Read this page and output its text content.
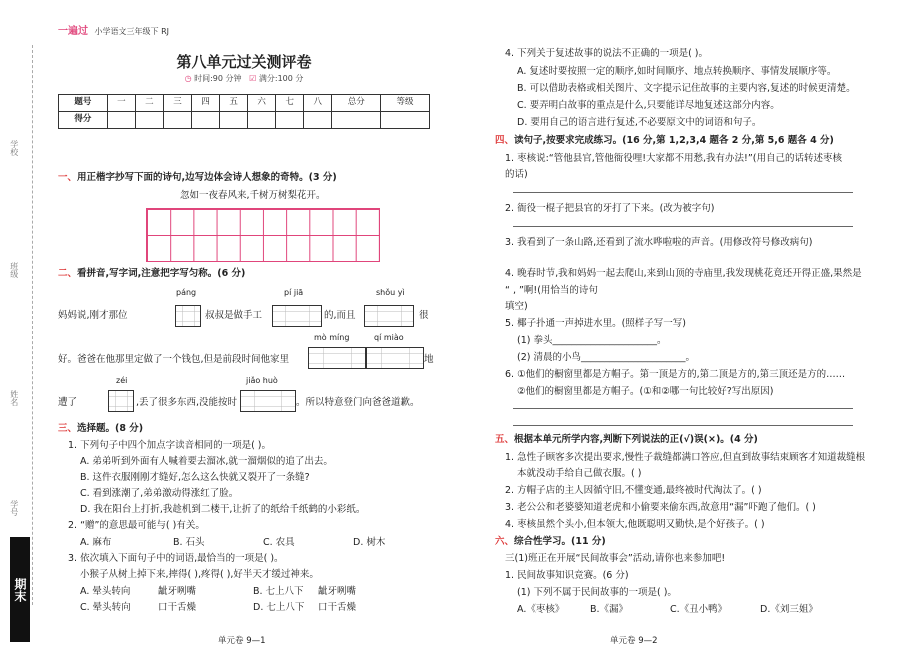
学校
班级
姓名
学号
期末
一遍过 小学语文三年级下 RJ
第八单元过关测评卷
◷ 时间:90 分钟 ☑ 满分:100 分
题号	一	二	三	四	五	六	七	八	总分	等级
得分										
一、用正楷字抄写下面的诗句,边写边体会诗人想象的奇特。(3 分)
忽如一夜春风来,千树万树梨花开。
二、看拼音,写字词,注意把字写匀称。(6 分)
páng	pí jiā	shǒu yì
妈妈说,刚才那位	叔叔是做手工	的,而且	很
mò míng	qí miào
好。爸爸在他那里定做了一个钱包,但是前段时间他家里	地
zéi	jiǎo huò
遭了	,丢了很多东西,没能按时	。所以特意登门向爸爸道歉。
三、选择题。(8 分)
1. 下列句子中四个加点字读音相同的一项是( )。
A. 弟弟听到外面有人喊着要去溜冰,就一溜烟似的追了出去。
B. 这件衣服刚刚才缝好,怎么这么快就又裂开了一条缝?
C. 看到涨潮了,弟弟激动得涨红了脸。
D. 我在阳台上打折,我趁机到二楼干,让折了的纸给千纸鹤的小彩纸。
2. “赠”的意思最可能与( )有关。
A. 麻布	B. 石头	C. 农具	D. 树木
3. 依次填入下面句子中的词语,最恰当的一项是( )。
小猴子从树上掉下来,摔得( ),疼得( ),好半天才缓过神来。
A. 晕头转向	龇牙咧嘴	B. 七上八下 龇牙咧嘴
C. 晕头转向	口干舌燥	D. 七上八下 口干舌燥
单元卷 9—1
4. 下列关于复述故事的说法不正确的一项是( )。
A. 复述时要按照一定的顺序,如时间顺序、地点转换顺序、事情发展顺序等。
B. 可以借助表格或相关图片、文字提示记住故事的主要内容,复述的时候更清楚。
C. 要弄明白故事的重点是什么,只要能详尽地复述这部分内容。
D. 要用自己的语言进行复述,不必要原文中的词语和句子。
四、读句子,按要求完成练习。(16 分,第 1,2,3,4 题各 2 分,第 5,6 题各 4 分)
1. 枣核说:“管他县官,管他衙役哩!大家都不用愁,我有办法!”(用自己的话转述枣核
的话)
2. 衙役一棍子把县官的牙打了下来。(改为被字句)
3. 我看到了一条山路,还看到了流水哗啦啦的声音。(用修改符号修改病句)
4. 晚春时节,我和妈妈一起去爬山,来到山顶的寺庙里,我发现桃花竟还开得正盛,果然是
“ , ”啊!(用恰当的诗句
填空)
5. 椰子扑通一声掉进水里。(照样子写一写)
(1) 拳头______________________。
(2) 清晨的小鸟______________________。
6. ①他们的橱窗里都是方帽子。第一顶是方的,第二顶是方的,第三顶还是方的……
②他们的橱窗里都是方帽子。(①和②哪一句比较好?写出原因)
五、根据本单元所学内容,判断下列说法的正(√)误(×)。(4 分)
1. 急性子顾客多次提出要求,慢性子裁缝都满口答应,但直到故事结束顾客才知道裁缝根
本就没动手给自己做衣服。( )
2. 方帽子店的主人因循守旧,不懂变通,最终被时代淘汰了。( )
3. 老公公和老婆婆知道老虎和小偷要来偷东西,故意用“漏”吓跑了他们。( )
4. 枣核虽然个头小,但本领大,他既聪明又勤快,是个好孩子。( )
六、综合性学习。(11 分)
三(1)班正在开展“民间故事会”活动,请你也来参加吧!
1. 民间故事知识竞赛。(6 分)
(1) 下列不属于民间故事的一项是( )。
A.《枣核》	B.《漏》	C.《丑小鸭》	D.《刘三姐》
单元卷 9—2
